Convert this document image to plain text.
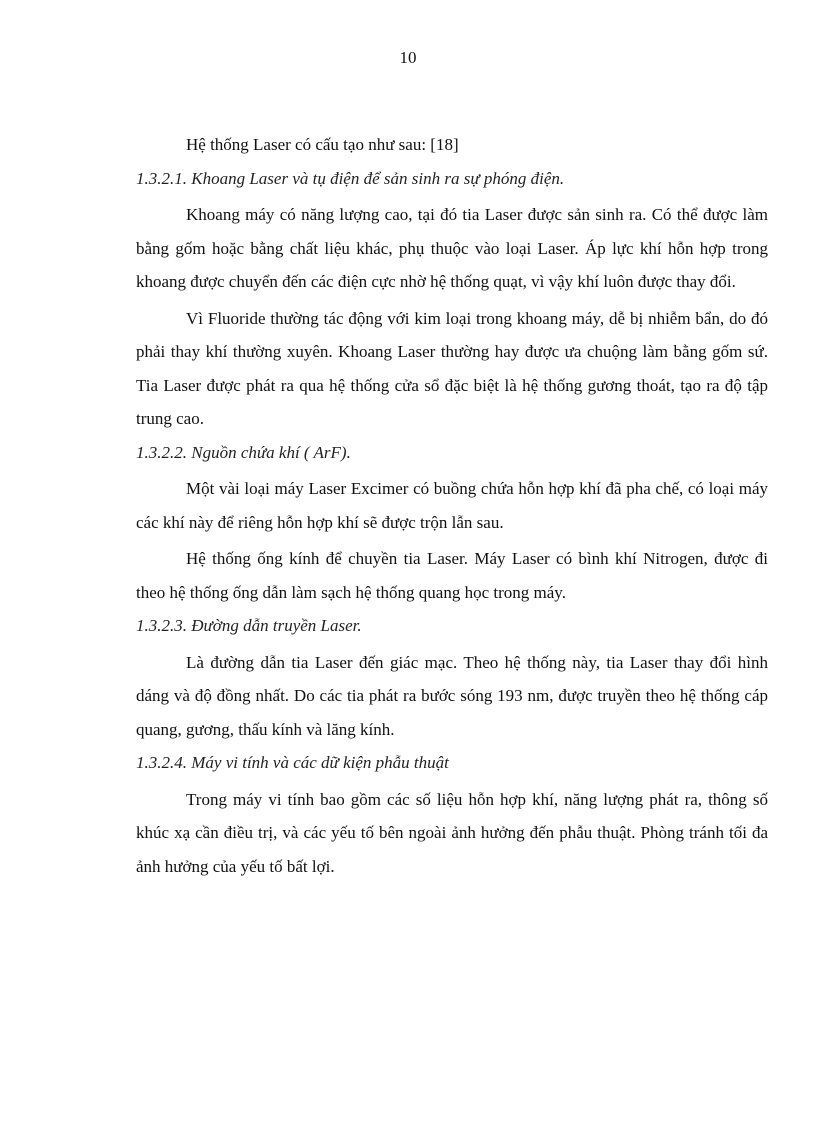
10

Hệ thống Laser có cấu tạo như sau: [18]

1.3.2.1. Khoang Laser và tụ điện để sản sinh ra sự phóng điện.

Khoang máy có năng lượng cao, tại đó tia Laser được sản sinh ra. Có thể được làm bằng gốm hoặc bằng chất liệu khác, phụ thuộc vào loại Laser. Áp lực khí hỗn hợp trong khoang được chuyển đến các điện cực nhờ hệ thống quạt, vì vậy khí luôn được thay đổi.

Vì Fluoride thường tác động với kim loại trong khoang máy, dễ bị nhiễm bẩn, do đó phải thay khí thường xuyên. Khoang Laser thường hay được ưa chuộng làm bằng gốm sứ. Tia Laser được phát ra qua hệ thống cửa sổ đặc biệt là hệ thống gương thoát, tạo ra độ tập trung cao.

1.3.2.2. Nguồn chứa khí ( ArF).

Một vài loại máy Laser Excimer có buồng chứa hỗn hợp khí đã pha chế, có loại máy các khí này để riêng hỗn hợp khí sẽ được trộn lẫn sau.

Hệ thống ống kính để chuyền tia Laser. Máy Laser có bình khí Nitrogen, được đi theo hệ thống ống dẫn làm sạch hệ thống quang học trong máy.

1.3.2.3. Đường dẫn truyền Laser.

Là đường dẫn tia Laser đến giác mạc. Theo hệ thống này, tia Laser thay đổi hình dáng và độ đồng nhất. Do các tia phát ra bước sóng 193 nm, được truyền theo hệ thống cáp quang, gương, thấu kính và lăng kính.

1.3.2.4. Máy vi tính và các dữ kiện phẫu thuật

Trong máy vi tính bao gồm các số liệu hỗn hợp khí, năng lượng phát ra, thông số khúc xạ cần điều trị, và các yếu tố bên ngoài ảnh hưởng đến phẫu thuật. Phòng tránh tối đa ảnh hưởng của yếu tố bất lợi.
